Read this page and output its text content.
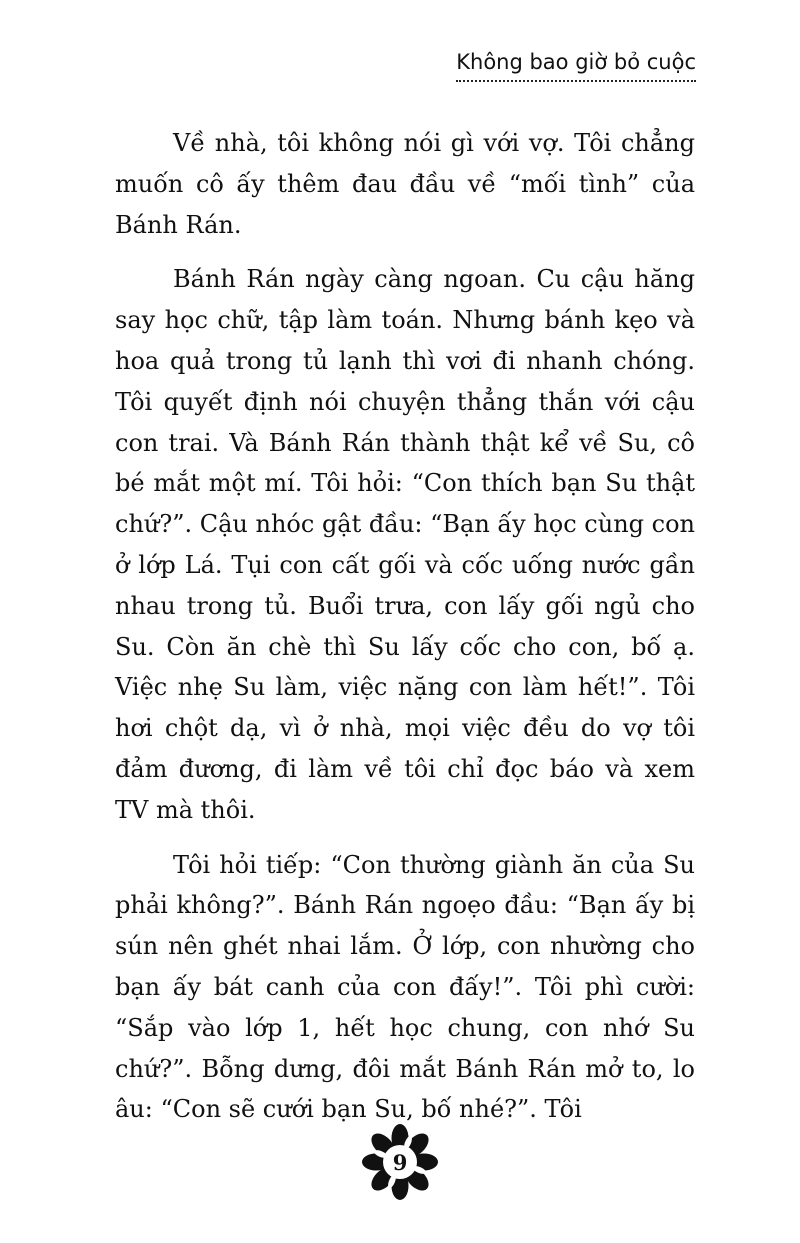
Không bao giờ bỏ cuộc

Về nhà, tôi không nói gì với vợ. Tôi chẳng muốn cô ấy thêm đau đầu về “mối tình” của Bánh Rán.

Bánh Rán ngày càng ngoan. Cu cậu hăng say học chữ, tập làm toán. Nhưng bánh kẹo và hoa quả trong tủ lạnh thì vơi đi nhanh chóng. Tôi quyết định nói chuyện thẳng thắn với cậu con trai. Và Bánh Rán thành thật kể về Su, cô bé mắt một mí. Tôi hỏi: “Con thích bạn Su thật chứ?”. Cậu nhóc gật đầu: “Bạn ấy học cùng con ở lớp Lá. Tụi con cất gối và cốc uống nước gần nhau trong tủ. Buổi trưa, con lấy gối ngủ cho Su. Còn ăn chè thì Su lấy cốc cho con, bố ạ. Việc nhẹ Su làm, việc nặng con làm hết!”. Tôi hơi chột dạ, vì ở nhà, mọi việc đều do vợ tôi đảm đương, đi làm về tôi chỉ đọc báo và xem TV mà thôi.

Tôi hỏi tiếp: “Con thường giành ăn của Su phải không?”. Bánh Rán ngoẹo đầu: “Bạn ấy bị sún nên ghét nhai lắm. Ở lớp, con nhường cho bạn ấy bát canh của con đấy!”. Tôi phì cười: “Sắp vào lớp 1, hết học chung, con nhớ Su chứ?”. Bỗng dưng, đôi mắt Bánh Rán mở to, lo âu: “Con sẽ cưới bạn Su, bố nhé?”. Tôi

9
